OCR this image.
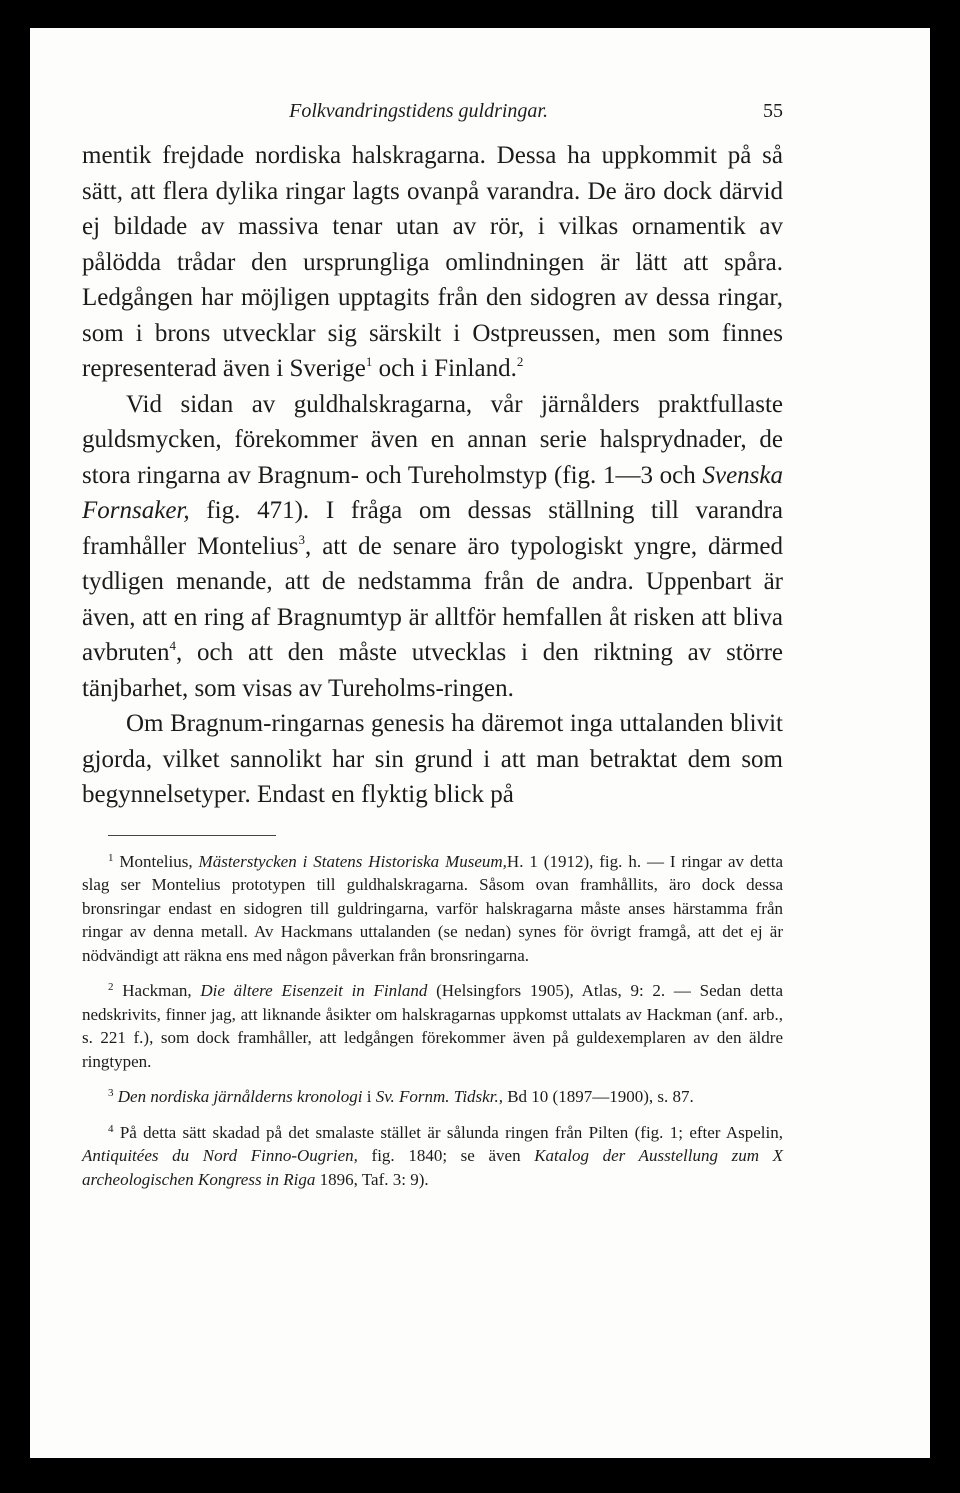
Folkvandringstidens guldringar.	55

mentik frejdade nordiska halskragarna. Dessa ha uppkommit på så sätt, att flera dylika ringar lagts ovanpå varandra. De äro dock därvid ej bildade av massiva tenar utan av rör, i vilkas ornamentik av pålödda trådar den ursprungliga omlindningen är lätt att spåra. Ledgången har möjligen upptagits från den sidogren av dessa ringar, som i brons utvecklar sig särskilt i Ostpreussen, men som finnes representerad även i Sverige$^1$ och i Finland.$^2$

Vid sidan av guldhalskragarna, vår järnålders praktfullaste guldsmycken, förekommer även en annan serie halsprydnader, de stora ringarna av Bragnum- och Tureholmstyp (fig. 1—3 och Svenska Fornsaker, fig. 471). I fråga om dessas ställning till varandra framhåller Montelius$^3$, att de senare äro typologiskt yngre, därmed tydligen menande, att de nedstamma från de andra. Uppenbart är även, att en ring af Bragnumtyp är alltför hemfallen åt risken att bliva avbruten$^4$, och att den måste utvecklas i den riktning av större tänjbarhet, som visas av Tureholms-ringen.

Om Bragnum-ringarnas genesis ha däremot inga uttalanden blivit gjorda, vilket sannolikt har sin grund i att man betraktat dem som begynnelsetyper. Endast en flyktig blick på

$^1$ Montelius, Mästerstycken i Statens Historiska Museum,H. 1 (1912), fig. h. — I ringar av detta slag ser Montelius prototypen till guldhalskragarna. Såsom ovan framhållits, äro dock dessa bronsringar endast en sidogren till guldringarna, varför halskragarna måste anses härstamma från ringar av denna metall. Av Hackmans uttalanden (se nedan) synes för övrigt framgå, att det ej är nödvändigt att räkna ens med någon påverkan från bronsringarna.

$^2$ Hackman, Die ältere Eisenzeit in Finland (Helsingfors 1905), Atlas, 9: 2. — Sedan detta nedskrivits, finner jag, att liknande åsikter om halskragarnas uppkomst uttalats av Hackman (anf. arb., s. 221 f.), som dock framhåller, att ledgången förekommer även på guldexemplaren av den äldre ringtypen.

$^3$ Den nordiska järnålderns kronologi i Sv. Fornm. Tidskr., Bd 10 (1897—1900), s. 87.

$^4$ På detta sätt skadad på det smalaste stället är sålunda ringen från Pilten (fig. 1; efter Aspelin, Antiquitées du Nord Finno-Ougrien, fig. 1840; se även Katalog der Ausstellung zum X archeologischen Kongress in Riga 1896, Taf. 3: 9).
